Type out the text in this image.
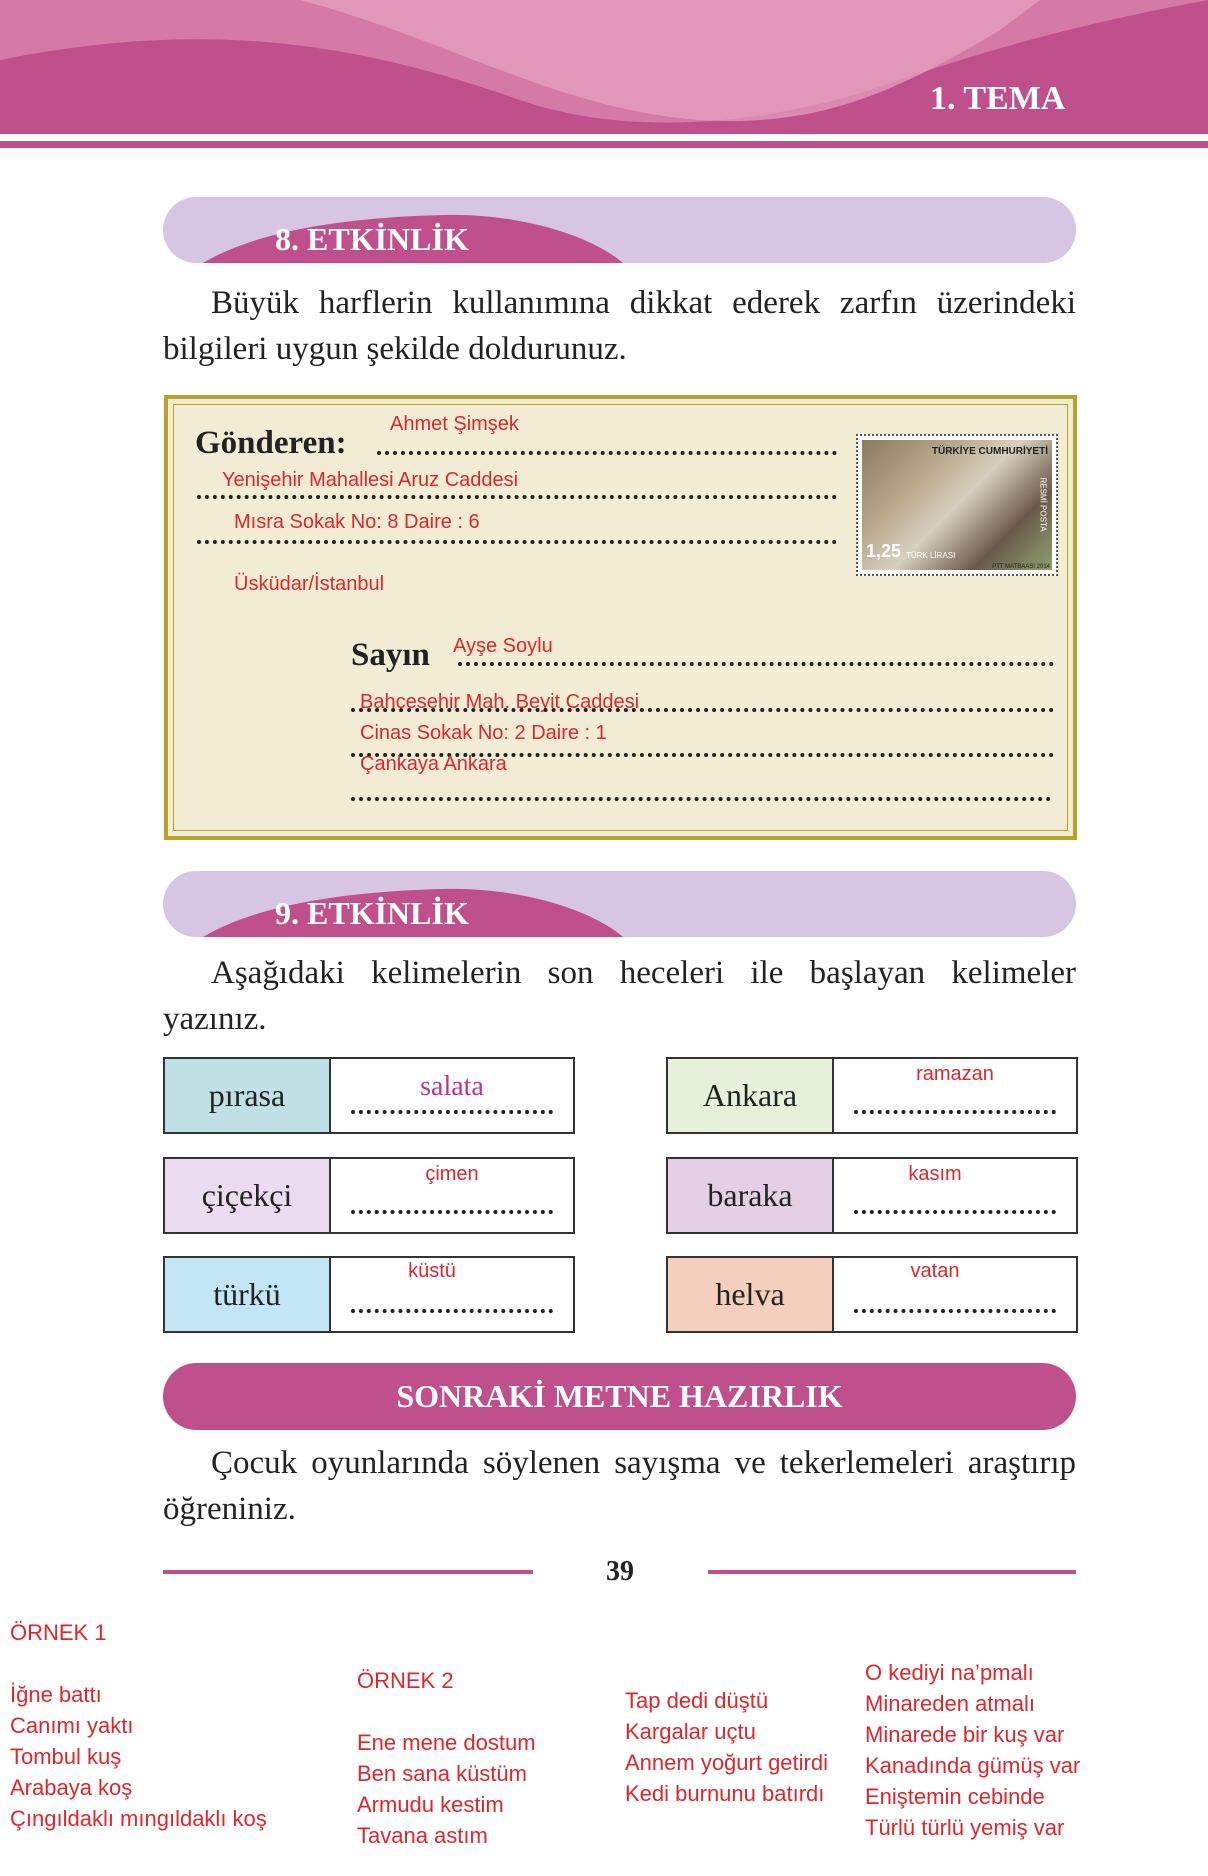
1. TEMA
8. ETKİNLİK
Büyük harflerin kullanımına dikkat ederek zarfın üzerindeki bilgileri uygun şekilde doldurunuz.
Gönderen:
Ahmet Şimşek
Yenişehir Mahallesi Aruz Caddesi
Mısra Sokak No: 8 Daire : 6
Üsküdar/İstanbul
TÜRKİYE CUMHURİYETİ
RESMİ POSTA
1,25 TÜRK LİRASI
PTT MATBAASI 2014
Sayın Ayşe Soylu
Bahçesehir Mah. Beyit Caddesi
Cinas Sokak No: 2 Daire : 1
Çankaya Ankara
9. ETKİNLİK
Aşağıdaki kelimelerin son heceleri ile başlayan kelimeler yazınız.
pırasa	salata
çiçekçi
çimen
türkü
küstü
Ankara
ramazan
baraka
kasım
helva
vatan
SONRAKİ METNE HAZIRLIK
Çocuk oyunlarında söylenen sayışma ve tekerlemeleri araştırıp öğreniniz.
39
ÖRNEK 1
İğne battı
Canımı yaktı
Tombul kuş
Arabaya koş
Çıngıldaklı mıngıldaklı koş
ÖRNEK 2
Ene mene dostum
Ben sana küstüm
Armudu kestim
Tavana astım
Tap dedi düştü
Kargalar uçtu
Annem yoğurt getirdi
Kedi burnunu batırdı
O kediyi na’pmalı
Minareden atmalı
Minarede bir kuş var
Kanadında gümüş var
Eniştemin cebinde
Türlü türlü yemiş var
